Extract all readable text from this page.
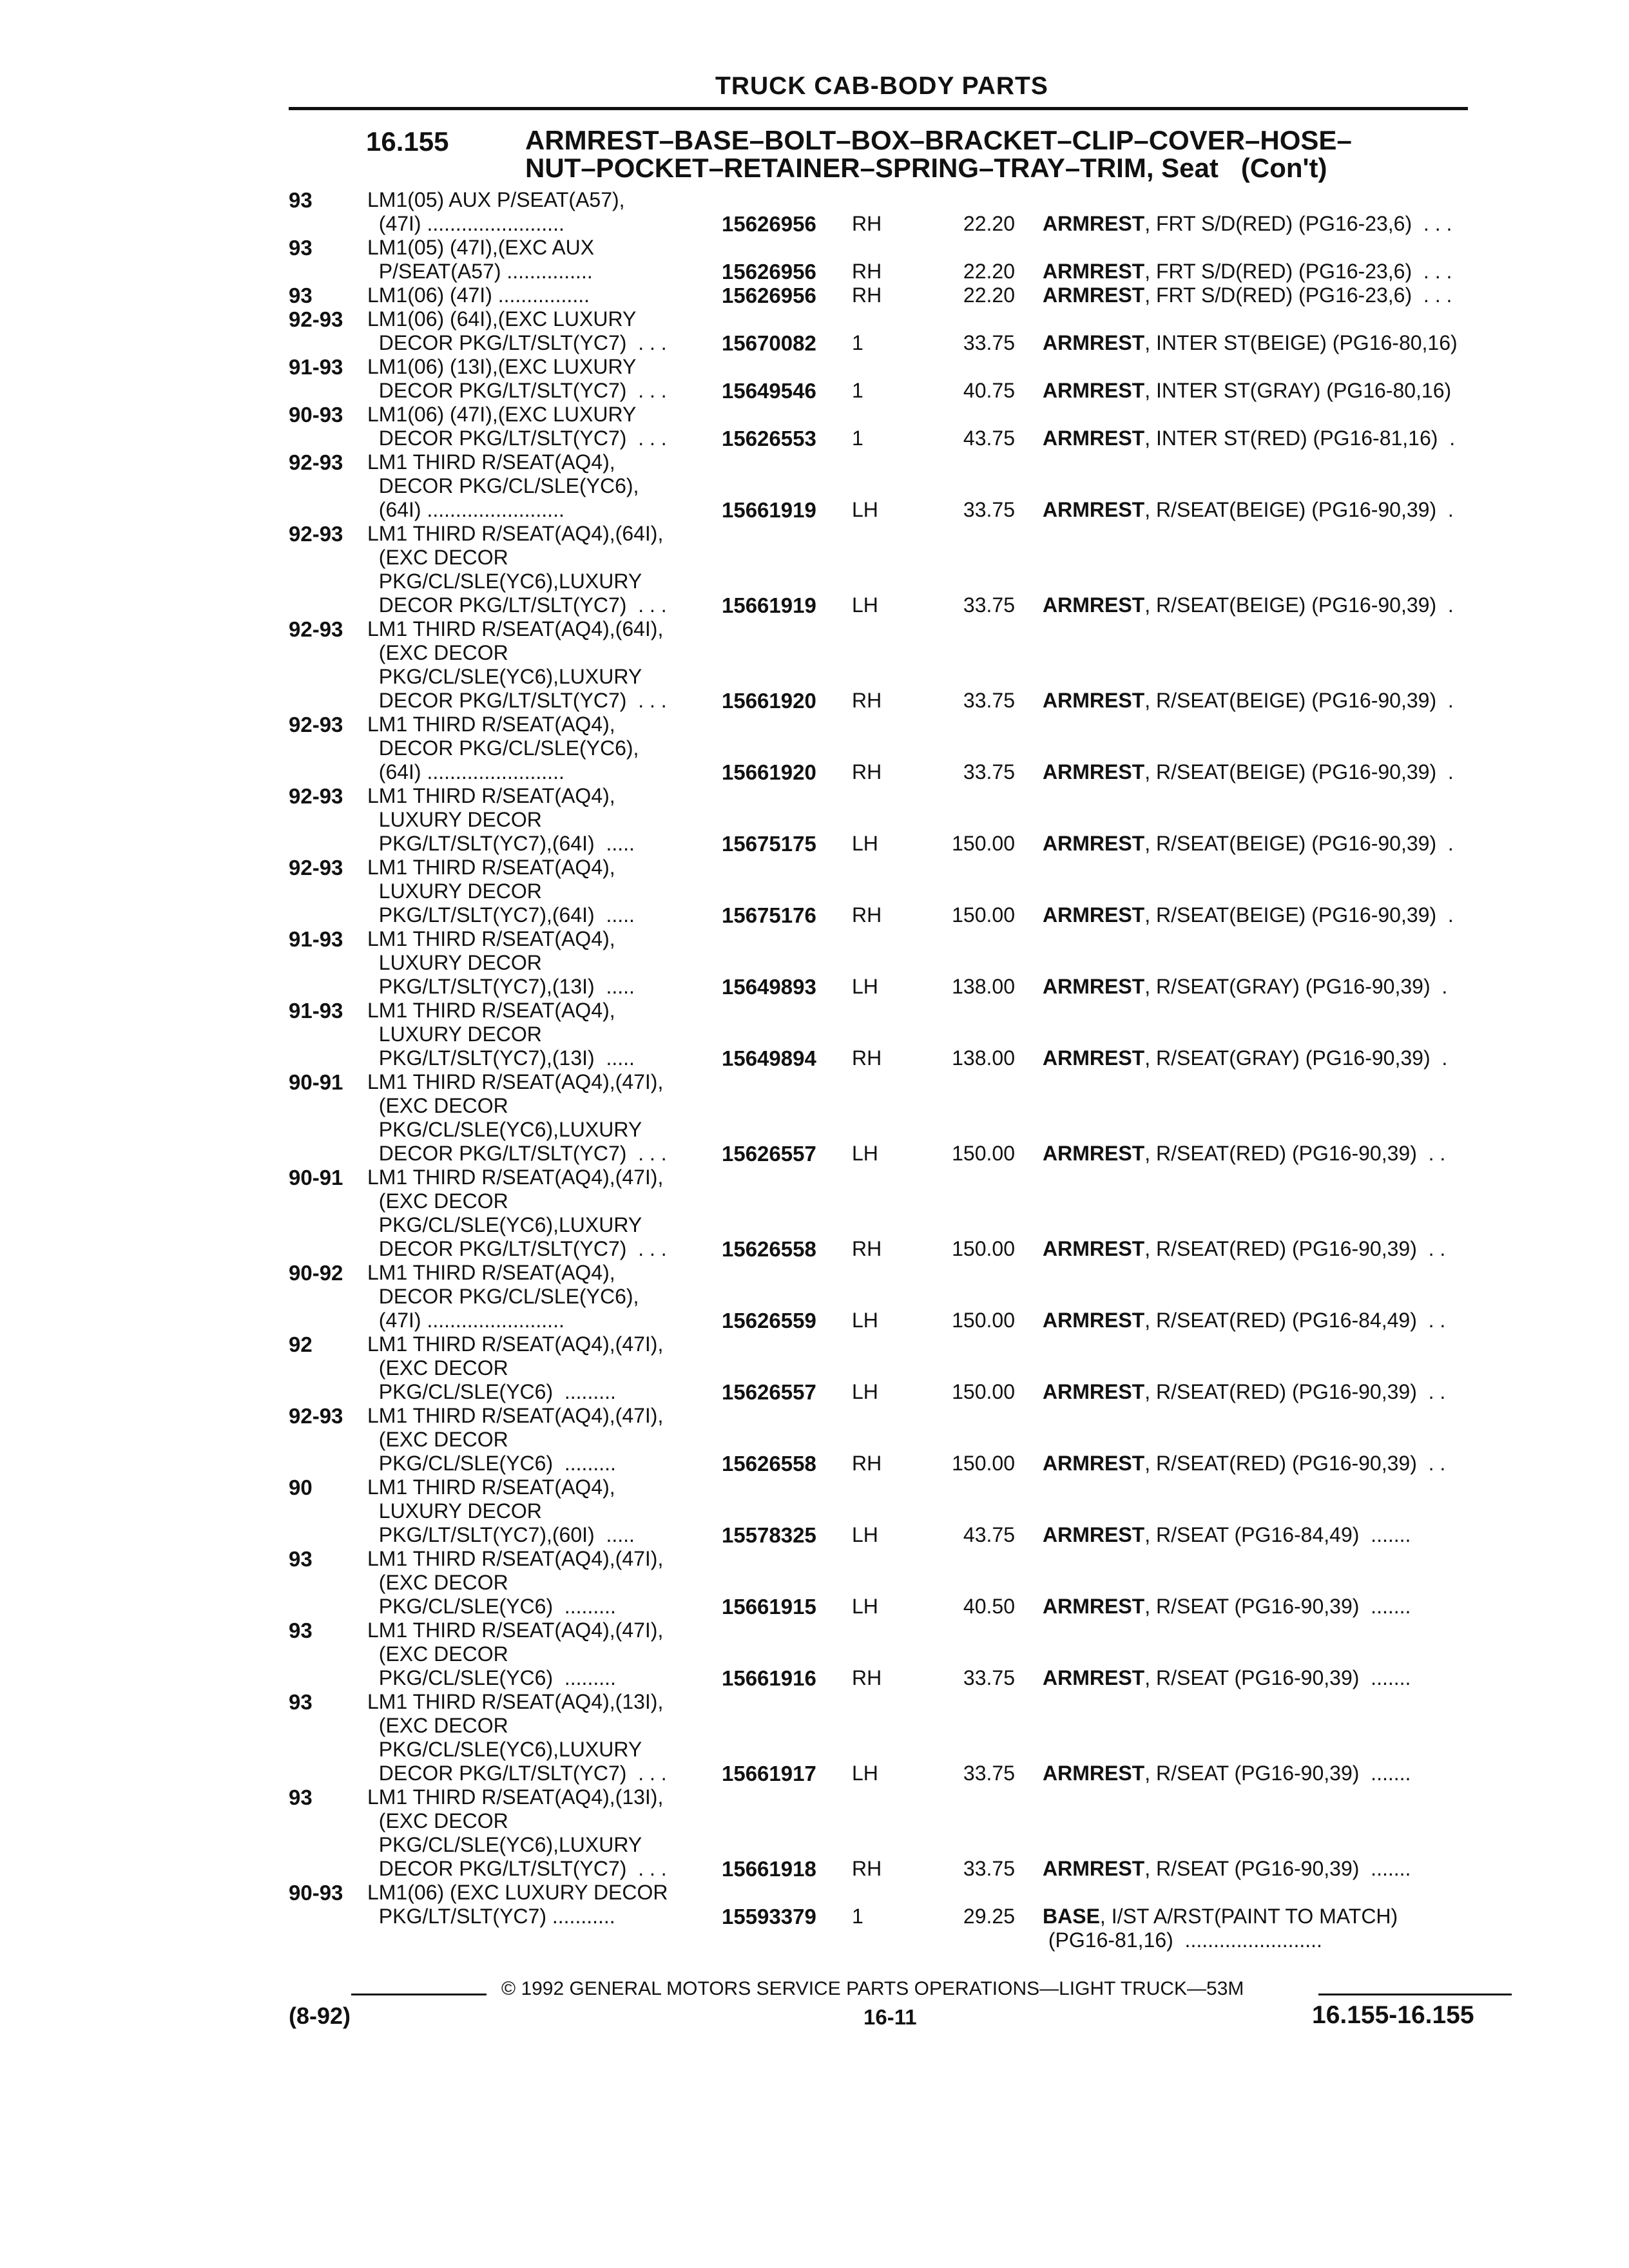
TRUCK CAB-BODY PARTS
16.155	ARMREST–BASE–BOLT–BOX–BRACKET–CLIP–COVER–HOSE–
NUT–POCKET–RETAINER–SPRING–TRAY–TRIM, Seat   (Con't)
93	LM1(05) AUX P/SEAT(A57),
(47I) ........................	15626956	RH	22.20 ARMREST, FRT S/D(RED) (PG16-23,6)  . . .
93	LM1(05) (47I),(EXC AUX
P/SEAT(A57) ...............	15626956	RH	22.20 ARMREST, FRT S/D(RED) (PG16-23,6)  . . .
93	LM1(06) (47I) ................	15626956	RH	22.20 ARMREST, FRT S/D(RED) (PG16-23,6)  . . .
92-93 LM1(06) (64I),(EXC LUXURY
DECOR PKG/LT/SLT(YC7)  . . .	15670082	1	33.75 ARMREST, INTER ST(BEIGE) (PG16-80,16)
91-93 LM1(06) (13I),(EXC LUXURY
DECOR PKG/LT/SLT(YC7)  . . .	15649546	1	40.75 ARMREST, INTER ST(GRAY) (PG16-80,16)
90-93 LM1(06) (47I),(EXC LUXURY
DECOR PKG/LT/SLT(YC7)  . . .	15626553	1	43.75 ARMREST, INTER ST(RED) (PG16-81,16)  .
92-93 LM1 THIRD R/SEAT(AQ4),
DECOR PKG/CL/SLE(YC6),
(64I) ........................	15661919	LH	33.75 ARMREST, R/SEAT(BEIGE) (PG16-90,39)  .
92-93 LM1 THIRD R/SEAT(AQ4),(64I),
(EXC DECOR
PKG/CL/SLE(YC6),LUXURY
DECOR PKG/LT/SLT(YC7)  . . .	15661919	LH	33.75 ARMREST, R/SEAT(BEIGE) (PG16-90,39)  .
92-93 LM1 THIRD R/SEAT(AQ4),(64I),
(EXC DECOR
PKG/CL/SLE(YC6),LUXURY
DECOR PKG/LT/SLT(YC7)  . . .	15661920	RH	33.75 ARMREST, R/SEAT(BEIGE) (PG16-90,39)  .
92-93 LM1 THIRD R/SEAT(AQ4),
DECOR PKG/CL/SLE(YC6),
(64I) ........................	15661920	RH	33.75 ARMREST, R/SEAT(BEIGE) (PG16-90,39)  .
92-93 LM1 THIRD R/SEAT(AQ4),
LUXURY DECOR
PKG/LT/SLT(YC7),(64I)  .....	15675175	LH	150.00 ARMREST, R/SEAT(BEIGE) (PG16-90,39)  .
92-93 LM1 THIRD R/SEAT(AQ4),
LUXURY DECOR
PKG/LT/SLT(YC7),(64I)  .....	15675176	RH	150.00 ARMREST, R/SEAT(BEIGE) (PG16-90,39)  .
91-93 LM1 THIRD R/SEAT(AQ4),
LUXURY DECOR
PKG/LT/SLT(YC7),(13I)  .....	15649893	LH	138.00 ARMREST, R/SEAT(GRAY) (PG16-90,39)  .
91-93 LM1 THIRD R/SEAT(AQ4),
LUXURY DECOR
PKG/LT/SLT(YC7),(13I)  .....	15649894	RH	138.00 ARMREST, R/SEAT(GRAY) (PG16-90,39)  .
90-91 LM1 THIRD R/SEAT(AQ4),(47I),
(EXC DECOR
PKG/CL/SLE(YC6),LUXURY
DECOR PKG/LT/SLT(YC7)  . . .	15626557	LH	150.00 ARMREST, R/SEAT(RED) (PG16-90,39)  . .
90-91 LM1 THIRD R/SEAT(AQ4),(47I),
(EXC DECOR
PKG/CL/SLE(YC6),LUXURY
DECOR PKG/LT/SLT(YC7)  . . .	15626558	RH	150.00 ARMREST, R/SEAT(RED) (PG16-90,39)  . .
90-92 LM1 THIRD R/SEAT(AQ4),
DECOR PKG/CL/SLE(YC6),
(47I) ........................	15626559	LH	150.00 ARMREST, R/SEAT(RED) (PG16-84,49)  . .
92	LM1 THIRD R/SEAT(AQ4),(47I),
(EXC DECOR
PKG/CL/SLE(YC6)  .........	15626557	LH	150.00 ARMREST, R/SEAT(RED) (PG16-90,39)  . .
92-93 LM1 THIRD R/SEAT(AQ4),(47I),
(EXC DECOR
PKG/CL/SLE(YC6)  .........	15626558	RH	150.00 ARMREST, R/SEAT(RED) (PG16-90,39)  . .
90	LM1 THIRD R/SEAT(AQ4),
LUXURY DECOR
PKG/LT/SLT(YC7),(60I)  .....	15578325	LH	43.75 ARMREST, R/SEAT (PG16-84,49)  .......
93	LM1 THIRD R/SEAT(AQ4),(47I),
(EXC DECOR
PKG/CL/SLE(YC6)  .........	15661915	LH	40.50 ARMREST, R/SEAT (PG16-90,39)  .......
93	LM1 THIRD R/SEAT(AQ4),(47I),
(EXC DECOR
PKG/CL/SLE(YC6)  .........	15661916	RH	33.75 ARMREST, R/SEAT (PG16-90,39)  .......
93	LM1 THIRD R/SEAT(AQ4),(13I),
(EXC DECOR
PKG/CL/SLE(YC6),LUXURY
DECOR PKG/LT/SLT(YC7)  . . .	15661917	LH	33.75 ARMREST, R/SEAT (PG16-90,39)  .......
93	LM1 THIRD R/SEAT(AQ4),(13I),
(EXC DECOR
PKG/CL/SLE(YC6),LUXURY
DECOR PKG/LT/SLT(YC7)  . . .	15661918	RH	33.75 ARMREST, R/SEAT (PG16-90,39)  .......
90-93 LM1(06) (EXC LUXURY DECOR
PKG/LT/SLT(YC7) ...........	15593379	1	29.25 BASE, I/ST A/RST(PAINT TO MATCH)
(PG16-81,16)  ........................
© 1992 GENERAL MOTORS SERVICE PARTS OPERATIONS—LIGHT TRUCK—53M
(8-92)	16-11	16.155-16.155
